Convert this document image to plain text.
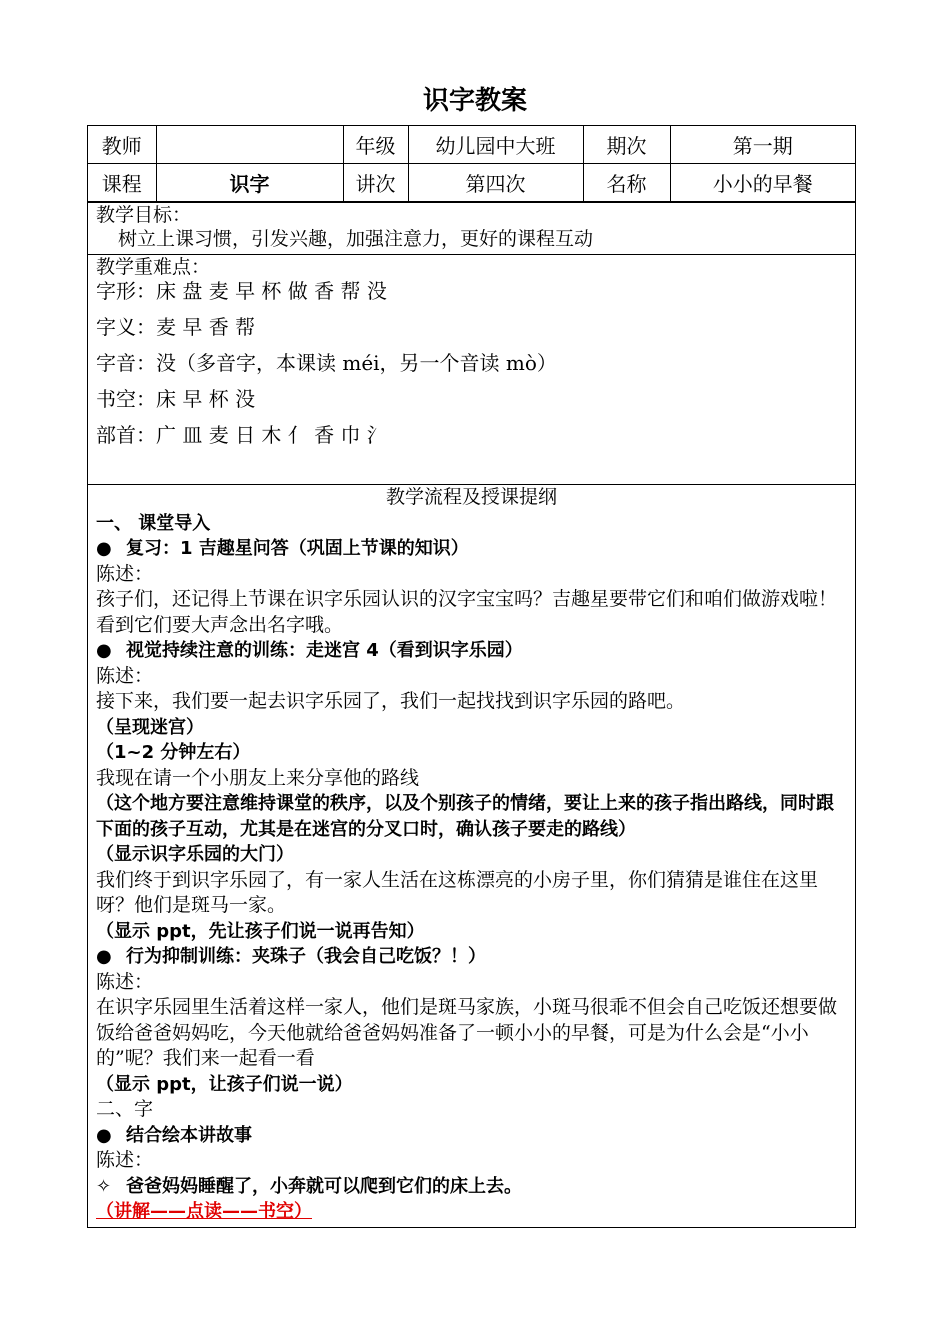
识字教案
教师		年级	幼儿园中大班	期次	第一期
课程	识字	讲次	第四次	名称	小小的早餐
教学目标：
树立上课习惯，引发兴趣，加强注意力，更好的课程互动
教学重难点：
字形：床 盘 麦 早 杯 做 香 帮 没
字义：麦 早 香 帮
字音：没（多音字，本课读 méi，另一个音读 mò）
书空：床 早 杯 没
部首：广 皿 麦 日 木 亻 香 巾 氵

教学流程及授课提纲

一、 课堂导入

● 复习：1 吉趣星问答（巩固上节课的知识）

陈述：

孩子们，还记得上节课在识字乐园认识的汉字宝宝吗？吉趣星要带它们和咱们做游戏啦！看到它们要大声念出名字哦。

● 视觉持续注意的训练：走迷宫 4（看到识字乐园）

陈述：

接下来，我们要一起去识字乐园了，我们一起找找到识字乐园的路吧。

（呈现迷宫）

（1~2 分钟左右）

我现在请一个小朋友上来分享他的路线

（这个地方要注意维持课堂的秩序，以及个别孩子的情绪，要让上来的孩子指出路线，同时跟下面的孩子互动，尤其是在迷宫的分叉口时，确认孩子要走的路线）

（显示识字乐园的大门）

我们终于到识字乐园了，有一家人生活在这栋漂亮的小房子里，你们猜猜是谁住在这里呀？他们是斑马一家。

（显示 ppt，先让孩子们说一说再告知）

● 行为抑制训练：夹珠子（我会自己吃饭？！）

陈述：

在识字乐园里生活着这样一家人，他们是斑马家族，小斑马很乖不但会自己吃饭还想要做饭给爸爸妈妈吃，今天他就给爸爸妈妈准备了一顿小小的早餐，可是为什么会是“小小的”呢？我们来一起看一看

（显示 ppt，让孩子们说一说）

二、字

● 结合绘本讲故事

陈述：

✧ 爸爸妈妈睡醒了，小奔就可以爬到它们的床上去。

（讲解——点读——书空）
